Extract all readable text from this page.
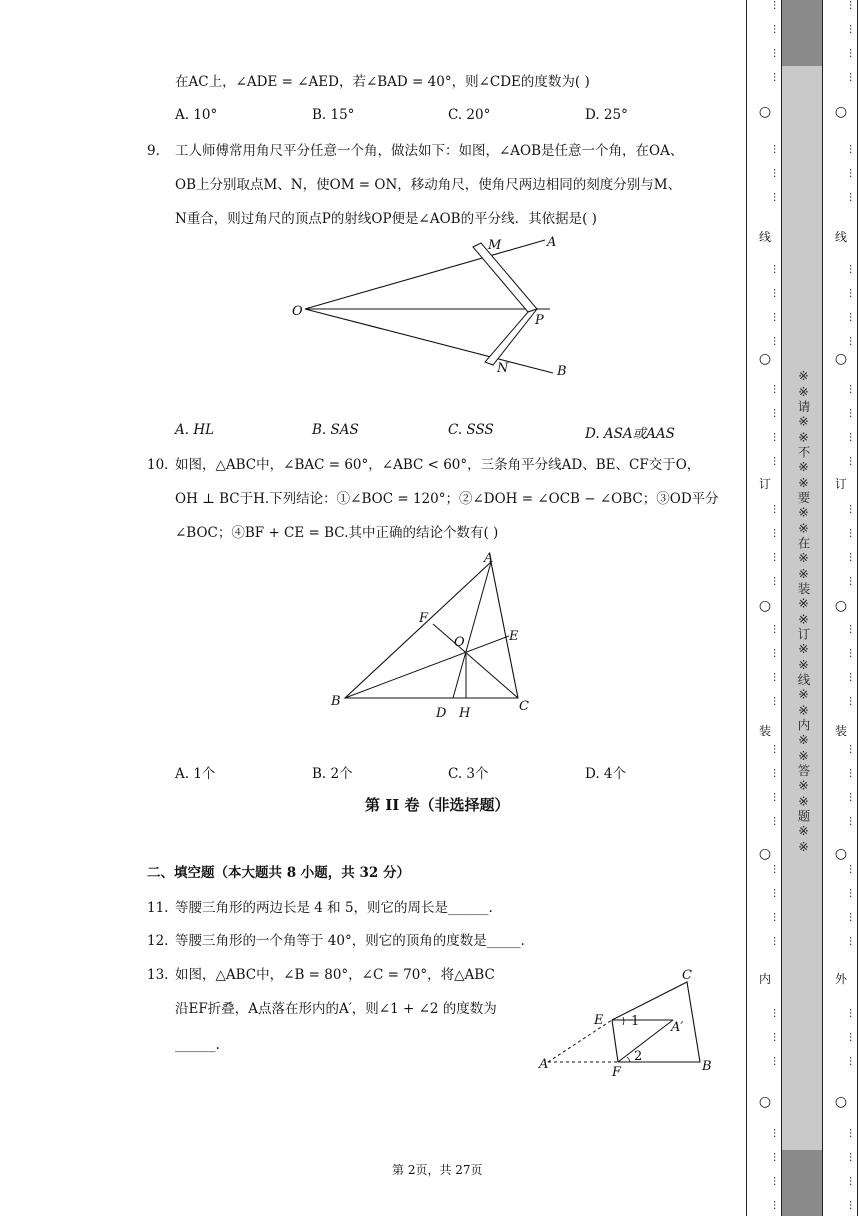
在AC上，∠ADE = ∠AED，若∠BAD = 40°，则∠CDE的度数为( )
A. 10°	B. 15°	C. 20°	D. 25°
9. 工人师傅常用角尺平分任意一个角，做法如下：如图，∠AOB是任意一个角，在OA、
OB上分别取点M、N，使OM = ON，移动角尺，使角尺两边相同的刻度分别与M、
N重合，则过角尺的顶点P的射线OP便是∠AOB的平分线．其依据是( )
O
M	A
P
N	B
A. HL	B. SAS	C. SSS	D. ASA或AAS
10. 如图，△ABC中，∠BAC = 60°，∠ABC < 60°，三条角平分线AD、BE、CF交于O，
OH ⊥ BC于H.下列结论：①∠BOC = 120°；②∠DOH = ∠OCB − ∠OBC；③OD平分
∠BOC；④BF + CE = BC.其中正确的结论个数有( )
A
F
O	E
B
D H	C
A. 1个	B. 2个	C. 3个	D. 4个
第 II 卷（非选择题）
二、填空题（本大题共 8 小题，共 32 分）
11. 等腰三角形的两边长是 4 和 5，则它的周长是______.
12. 等腰三角形的一个角等于 40°，则它的顶角的度数是_____.
13. 如图，△ABC中，∠B = 80°，∠C = 70°，将△ABC
沿EF折叠，A点落在形内的A′，则∠1 + ∠2 的度数为
______.
C
E 1 A′
A
2
F	B
第 2页，共 27页
○
○
○
○
○
线
订
装
内
…
…
…
…
…
…
…
…
…
…
…
…
…
…
…
…
…
…
…
…
…
…
…
…
…
…
…
…
…
…
…
…
…
…
…
…
…
…
○
○
○
○
○
线
订
装
外
…
…
…
…
…
…
…
…
…
…
…
…
…
…
…
…
…
…
…
…
…
…
…
…
…
…
…
…
…
…
…
…
…
…
…
…
…
…
※※请※※不※※要※※在※※装※※订※※线※※内※※答※※题※※
